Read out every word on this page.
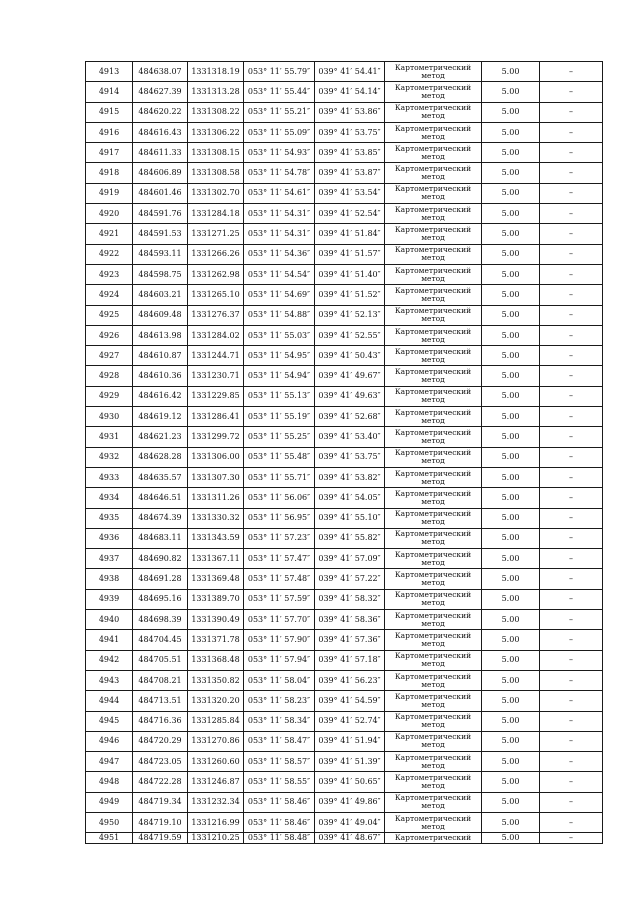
4913	484638.07	1331318.19	053° 11′ 55.79″	039° 41′ 54.41″	Картометрический метод	5.00	–
4914	484627.39	1331313.28	053° 11′ 55.44″	039° 41′ 54.14″	Картометрический метод	5.00	–
4915	484620.22	1331308.22	053° 11′ 55.21″	039° 41′ 53.86″	Картометрический метод	5.00	–
4916	484616.43	1331306.22	053° 11′ 55.09″	039° 41′ 53.75″	Картометрический метод	5.00	–
4917	484611.33	1331308.15	053° 11′ 54.93″	039° 41′ 53.85″	Картометрический метод	5.00	–
4918	484606.89	1331308.58	053° 11′ 54.78″	039° 41′ 53.87″	Картометрический метод	5.00	–
4919	484601.46	1331302.70	053° 11′ 54.61″	039° 41′ 53.54″	Картометрический метод	5.00	–
4920	484591.76	1331284.18	053° 11′ 54.31″	039° 41′ 52.54″	Картометрический метод	5.00	–
4921	484591.53	1331271.25	053° 11′ 54.31″	039° 41′ 51.84″	Картометрический метод	5.00	–
4922	484593.11	1331266.26	053° 11′ 54.36″	039° 41′ 51.57″	Картометрический метод	5.00	–
4923	484598.75	1331262.98	053° 11′ 54.54″	039° 41′ 51.40″	Картометрический метод	5.00	–
4924	484603.21	1331265.10	053° 11′ 54.69″	039° 41′ 51.52″	Картометрический метод	5.00	–
4925	484609.48	1331276.37	053° 11′ 54.88″	039° 41′ 52.13″	Картометрический метод	5.00	–
4926	484613.98	1331284.02	053° 11′ 55.03″	039° 41′ 52.55″	Картометрический метод	5.00	–
4927	484610.87	1331244.71	053° 11′ 54.95″	039° 41′ 50.43″	Картометрический метод	5.00	–
4928	484610.36	1331230.71	053° 11′ 54.94″	039° 41′ 49.67″	Картометрический метод	5.00	–
4929	484616.42	1331229.85	053° 11′ 55.13″	039° 41′ 49.63″	Картометрический метод	5.00	–
4930	484619.12	1331286.41	053° 11′ 55.19″	039° 41′ 52.68″	Картометрический метод	5.00	–
4931	484621.23	1331299.72	053° 11′ 55.25″	039° 41′ 53.40″	Картометрический метод	5.00	–
4932	484628.28	1331306.00	053° 11′ 55.48″	039° 41′ 53.75″	Картометрический метод	5.00	–
4933	484635.57	1331307.30	053° 11′ 55.71″	039° 41′ 53.82″	Картометрический метод	5.00	–
4934	484646.51	1331311.26	053° 11′ 56.06″	039° 41′ 54.05″	Картометрический метод	5.00	–
4935	484674.39	1331330.32	053° 11′ 56.95″	039° 41′ 55.10″	Картометрический метод	5.00	–
4936	484683.11	1331343.59	053° 11′ 57.23″	039° 41′ 55.82″	Картометрический метод	5.00	–
4937	484690.82	1331367.11	053° 11′ 57.47″	039° 41′ 57.09″	Картометрический метод	5.00	–
4938	484691.28	1331369.48	053° 11′ 57.48″	039° 41′ 57.22″	Картометрический метод	5.00	–
4939	484695.16	1331389.70	053° 11′ 57.59″	039° 41′ 58.32″	Картометрический метод	5.00	–
4940	484698.39	1331390.49	053° 11′ 57.70″	039° 41′ 58.36″	Картометрический метод	5.00	–
4941	484704.45	1331371.78	053° 11′ 57.90″	039° 41′ 57.36″	Картометрический метод	5.00	–
4942	484705.51	1331368.48	053° 11′ 57.94″	039° 41′ 57.18″	Картометрический метод	5.00	–
4943	484708.21	1331350.82	053° 11′ 58.04″	039° 41′ 56.23″	Картометрический метод	5.00	–
4944	484713.51	1331320.20	053° 11′ 58.23″	039° 41′ 54.59″	Картометрический метод	5.00	–
4945	484716.36	1331285.84	053° 11′ 58.34″	039° 41′ 52.74″	Картометрический метод	5.00	–
4946	484720.29	1331270.86	053° 11′ 58.47″	039° 41′ 51.94″	Картометрический метод	5.00	–
4947	484723.05	1331260.60	053° 11′ 58.57″	039° 41′ 51.39″	Картометрический метод	5.00	–
4948	484722.28	1331246.87	053° 11′ 58.55″	039° 41′ 50.65″	Картометрический метод	5.00	–
4949	484719.34	1331232.34	053° 11′ 58.46″	039° 41′ 49.86″	Картометрический метод	5.00	–
4950	484719.10	1331216.99	053° 11′ 58.46″	039° 41′ 49.04″	Картометрический метод	5.00	–
4951	484719.59	1331210.25	053° 11′ 58.48″	039° 41′ 48.67″	Картометрический	5.00	–
